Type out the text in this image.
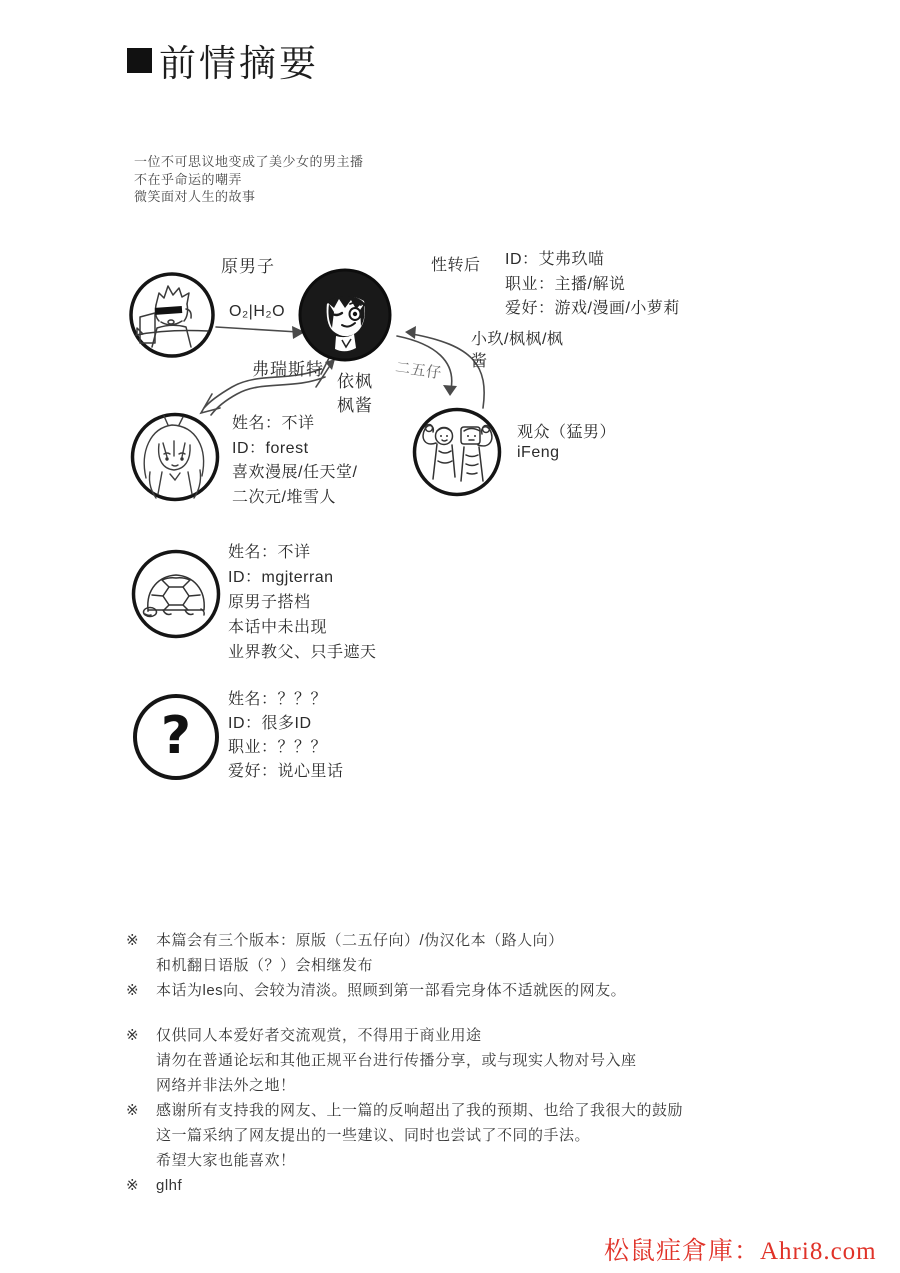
前情摘要
一位不可思议地变成了美少女的男主播
不在乎命运的嘲弄
微笑面对人生的故事
原男子
O₂|H₂O
性转后 ID：艾弗玖喵
职业：主播/解说
爱好：游戏/漫画/小萝莉
小玖/枫枫/枫
酱
弗瑞斯特
依枫
枫酱
二五仔
姓名：不详
ID：forest
喜欢漫展/任天堂/
二次元/堆雪人
观众（猛男）
iFeng
姓名：不详
ID：mgjterran
原男子搭档
本话中未出现
业界教父、只手遮天
?
姓名：？？？
ID：很多ID
职业：？？？
爱好：说心里话
※	本篇会有三个版本：原版（二五仔向）/伪汉化本（路人向）
和机翻日语版（？）会相继发布
※	本话为les向、会较为清淡。照顾到第一部看完身体不适就医的网友。
※	仅供同人本爱好者交流观赏，不得用于商业用途
请勿在普通论坛和其他正规平台进行传播分享，或与现实人物对号入座
网络并非法外之地！
※	感谢所有支持我的网友、上一篇的反响超出了我的预期、也给了我很大的鼓励
这一篇采纳了网友提出的一些建议、同时也尝试了不同的手法。
希望大家也能喜欢！
※	glhf
松鼠症倉庫：Ahri8.com
